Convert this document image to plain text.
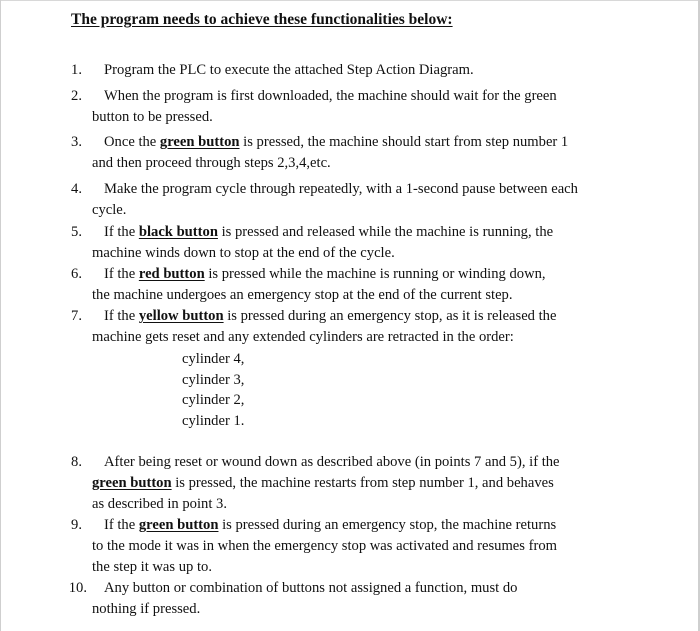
The program needs to achieve these functionalities below:
1.	Program the PLC to execute the attached Step Action Diagram.
2.	When the program is first downloaded, the machine should wait for the green
button to be pressed.
3.	Once the green button is pressed, the machine should start from step number 1
and then proceed through steps 2,3,4,etc.
4.	Make the program cycle through repeatedly, with a 1-second pause between each
cycle.
5.	If the black button is pressed and released while the machine is running, the
machine winds down to stop at the end of the cycle.
6.	If the red button is pressed while the machine is running or winding down,
the machine undergoes an emergency stop at the end of the current step.
7.	If the yellow button is pressed during an emergency stop, as it is released the
machine gets reset and any extended cylinders are retracted in the order:
cylinder 4,
cylinder 3,
cylinder 2,
cylinder 1.
8.	After being reset or wound down as described above (in points 7 and 5), if the
green button is pressed, the machine restarts from step number 1, and behaves
as described in point 3.
9.	If the green button is pressed during an emergency stop, the machine returns
to the mode it was in when the emergency stop was activated and resumes from
the step it was up to.
10.	Any button or combination of buttons not assigned a function, must do
nothing if pressed.
